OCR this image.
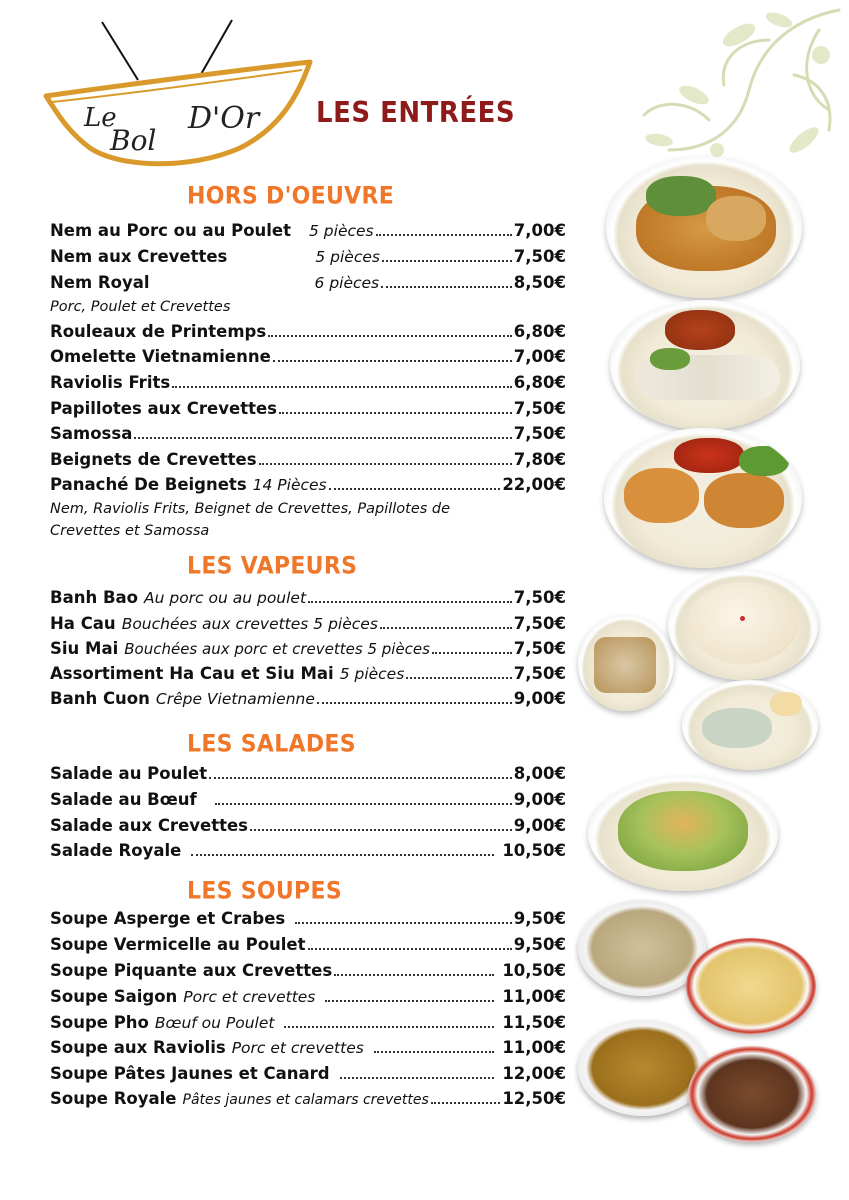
Le
Bol
D'Or LES ENTRÉES
HORS D'OEUVRE
Nem au Porc ou au Poulet 5 pièces	7,00€
Nem aux Crevettes	5 pièces	7,50€
Nem Royal	6 pièces	8,50€
Porc, Poulet et Crevettes
Rouleaux de Printemps	6,80€
Omelette Vietnamienne	7,00€
Raviolis Frits	6,80€
Papillotes aux Crevettes	7,50€
Samossa	7,50€
Beignets de Crevettes	7,80€
Panaché De Beignets 14 Pièces	22,00€
Nem, Raviolis Frits, Beignet de Crevettes, Papillotes de Crevettes et Samossa
LES VAPEURS
Banh Bao Au porc ou au poulet	7,50€
Ha Cau Bouchées aux crevettes 5 pièces	7,50€
Siu Mai Bouchées aux porc et crevettes 5 pièces	7,50€
Assortiment Ha Cau et Siu Mai 5 pièces	7,50€
Banh Cuon Crêpe Vietnamienne	9,00€
LES SALADES
Salade au Poulet	8,00€
Salade au Bœuf	9,00€
Salade aux Crevettes	9,00€
Salade Royale	10,50€
LES SOUPES
Soupe Asperge et Crabes	9,50€
Soupe Vermicelle au Poulet	9,50€
Soupe Piquante aux Crevettes	10,50€
Soupe Saigon Porc et crevettes	11,00€
Soupe Pho Bœuf ou Poulet	11,50€
Soupe aux Raviolis Porc et crevettes	11,00€
Soupe Pâtes Jaunes et Canard	12,00€
Soupe Royale Pâtes jaunes et calamars crevettes	12,50€
